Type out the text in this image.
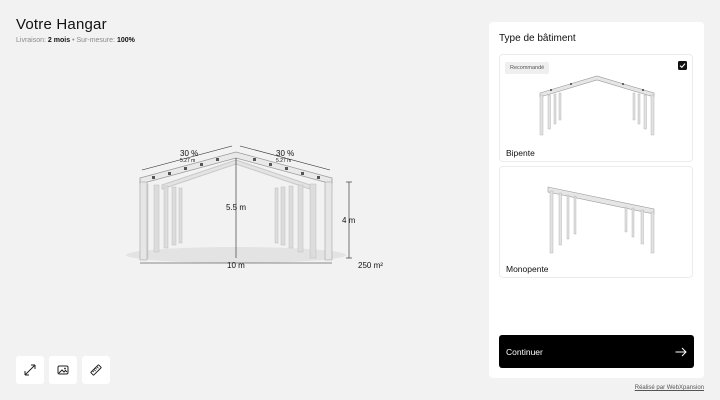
Votre Hangar
Livraison: 2 mois • Sur-mesure: 100%
30 %
5.27 m
30 %
5.27 m
5.5 m
4 m
10 m	250 m²
Type de bâtiment
Recommandé
Bipente
Monopente
Continuer
Réalisé par WebXpansion
